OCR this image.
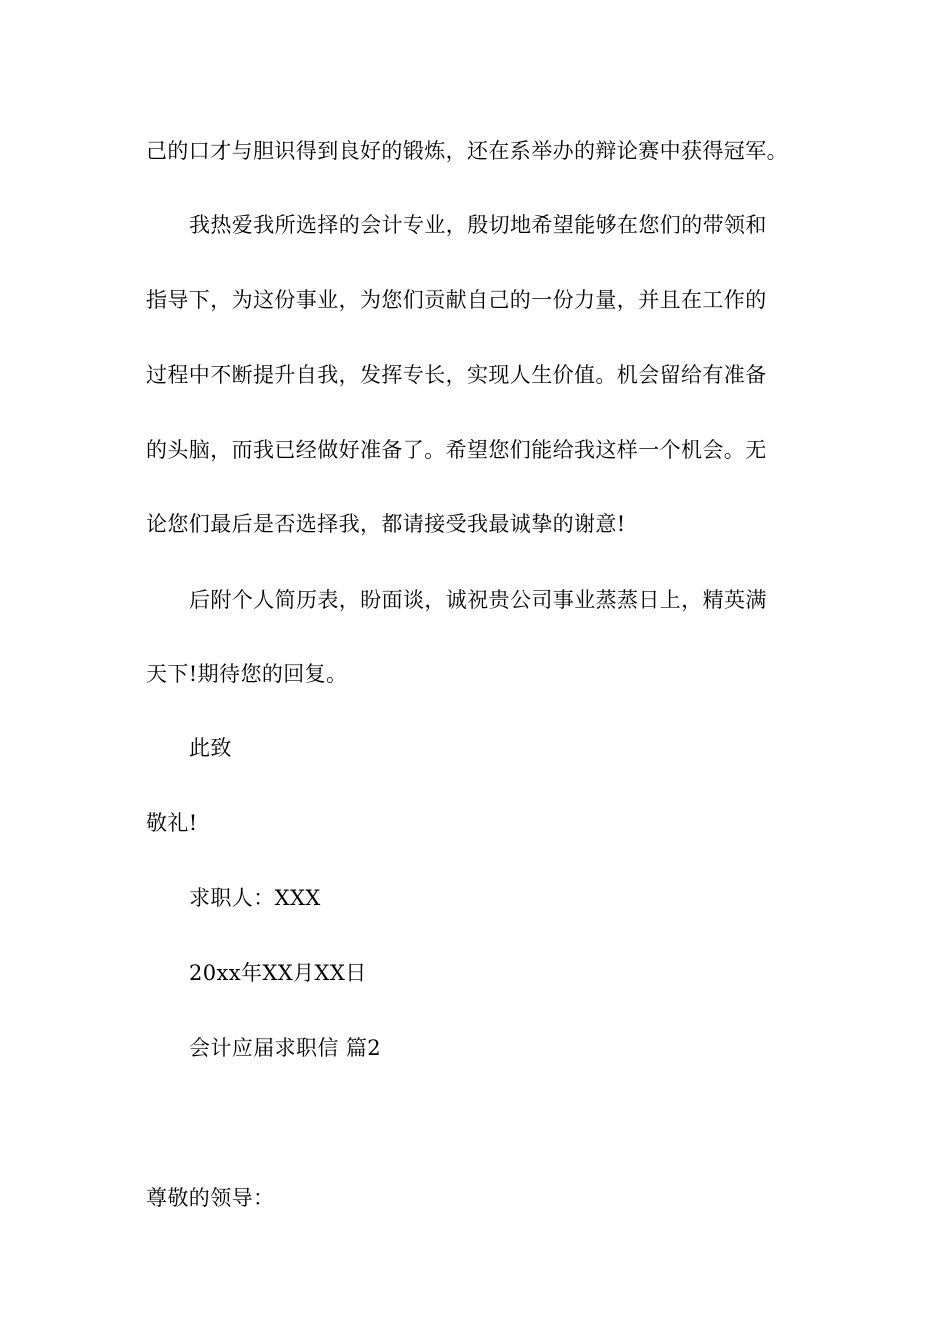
己的口才与胆识得到良好的锻炼，还在系举办的辩论赛中获得冠军。
我热爱我所选择的会计专业，殷切地希望能够在您们的带领和
指导下，为这份事业，为您们贡献自己的一份力量，并且在工作的
过程中不断提升自我，发挥专长，实现人生价值。机会留给有准备
的头脑，而我已经做好准备了。希望您们能给我这样一个机会。无
论您们最后是否选择我，都请接受我最诚挚的谢意!
后附个人简历表，盼面谈，诚祝贵公司事业蒸蒸日上，精英满
天下!期待您的回复。
此致
敬礼!
求职人：XXX
20xx年XX月XX日
会计应届求职信 篇2
尊敬的领导：
